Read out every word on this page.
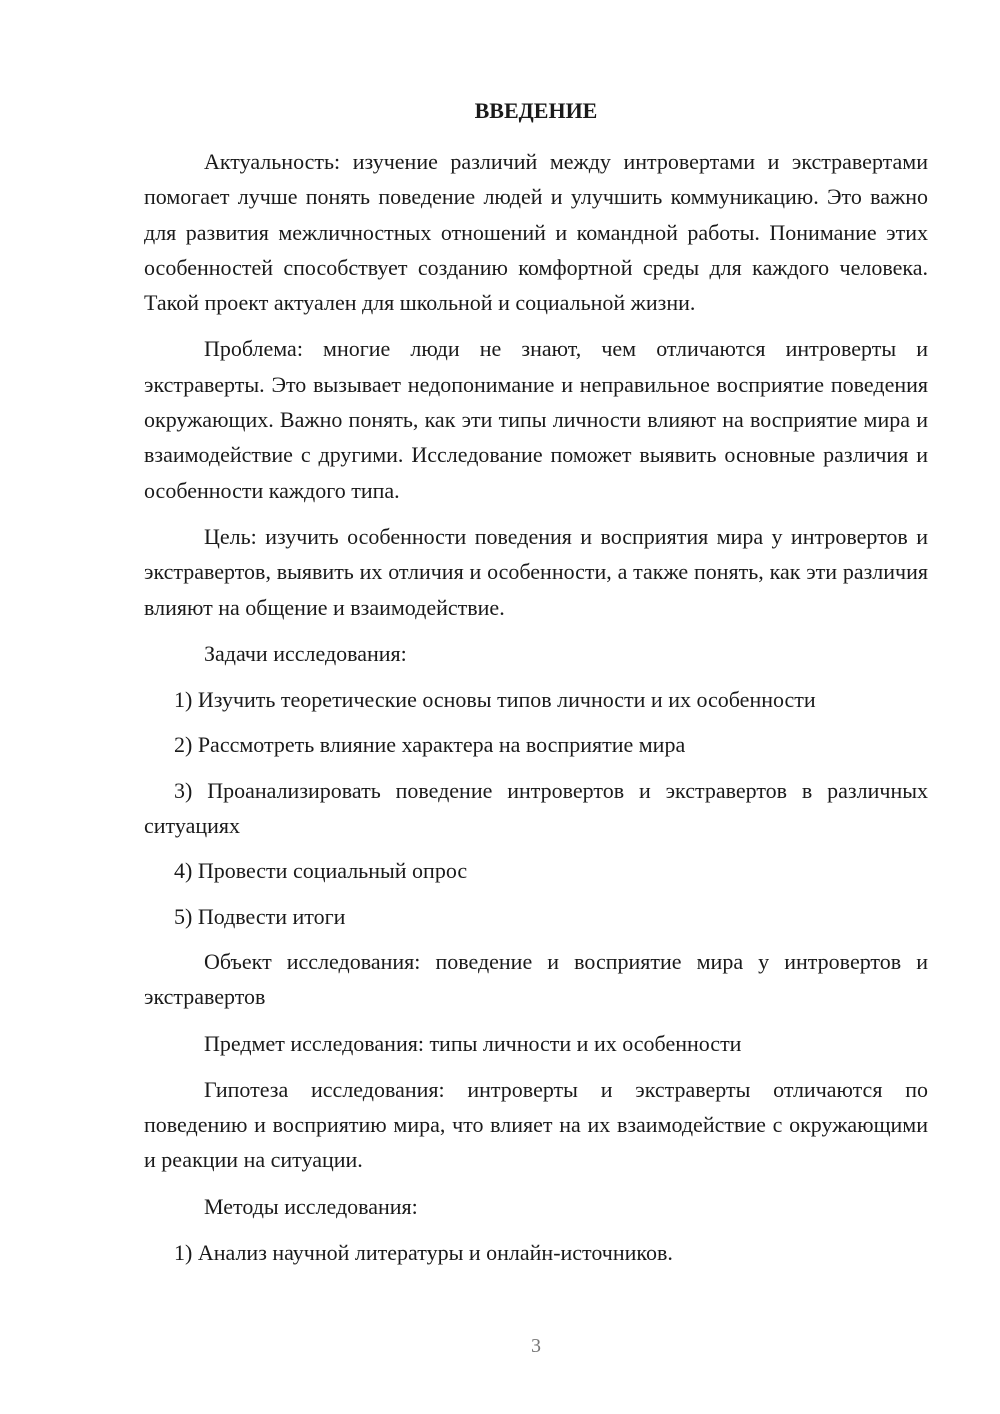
ВВЕДЕНИЕ

Актуальность: изучение различий между интровертами и экстравертами помогает лучше понять поведение людей и улучшить коммуникацию. Это важно для развития межличностных отношений и командной работы. Понимание этих особенностей способствует созданию комфортной среды для каждого человека. Такой проект актуален для школьной и социальной жизни.

Проблема: многие люди не знают, чем отличаются интроверты и экстраверты. Это вызывает недопонимание и неправильное восприятие поведения окружающих. Важно понять, как эти типы личности влияют на восприятие мира и взаимодействие с другими. Исследование поможет выявить основные различия и особенности каждого типа.

Цель: изучить особенности поведения и восприятия мира у интровертов и экстравертов, выявить их отличия и особенности, а также понять, как эти различия влияют на общение и взаимодействие.

Задачи исследования:

1) Изучить теоретические основы типов личности и их особенности

2) Рассмотреть влияние характера на восприятие мира

3) Проанализировать поведение интровертов и экстравертов в различных ситуациях

4) Провести социальный опрос

5) Подвести итоги

Объект исследования: поведение и восприятие мира у интровертов и экстравертов

Предмет исследования: типы личности и их особенности

Гипотеза исследования: интроверты и экстраверты отличаются по поведению и восприятию мира, что влияет на их взаимодействие с окружающими и реакции на ситуации.

Методы исследования:

1) Анализ научной литературы и онлайн-источников.

3
